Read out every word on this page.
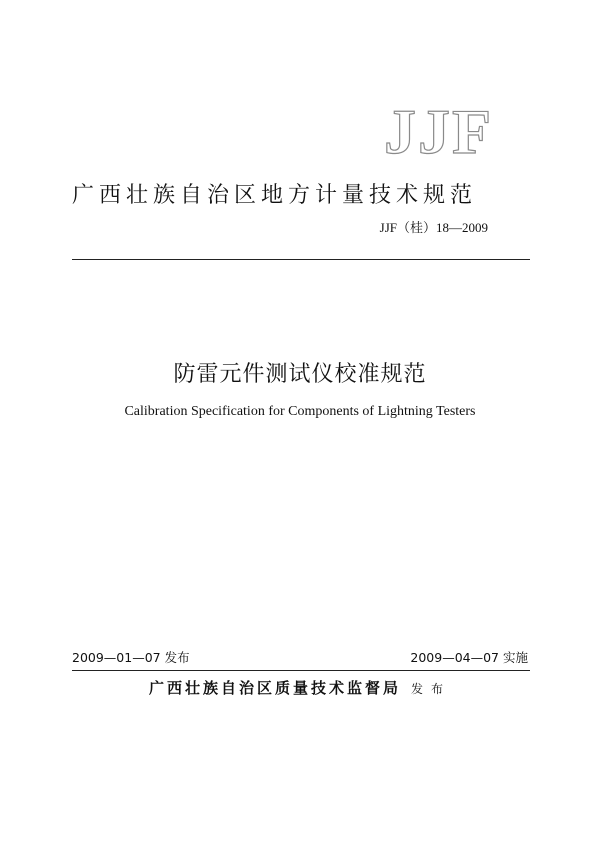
JJF
广西壮族自治区地方计量技术规范
JJF（桂）18—2009
防雷元件测试仪校准规范
Calibration Specification for Components of Lightning Testers
2009—01—07 发布	2009—04—07 实施
广西壮族自治区质量技术监督局 发布
